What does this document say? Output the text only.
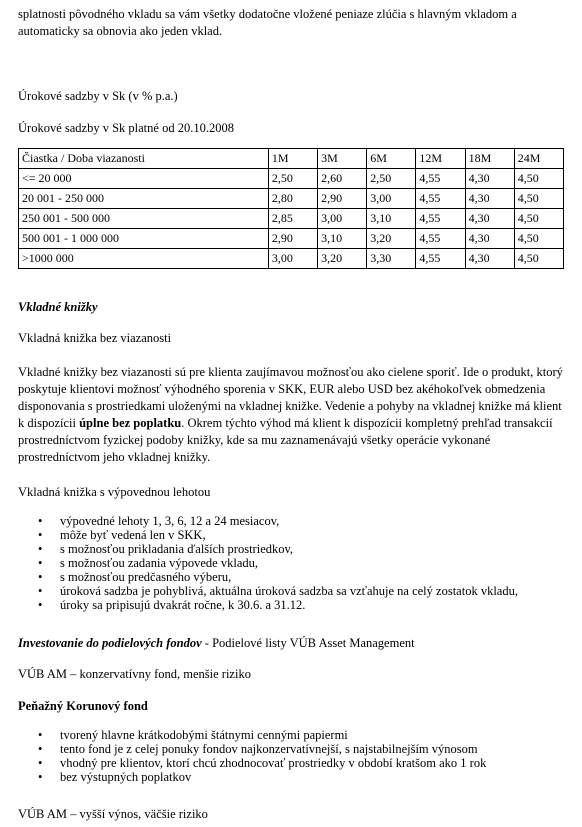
splatnosti pôvodného vkladu sa vám všetky dodatočne vložené peniaze zlúčia s hlavným vkladom a automaticky sa obnovia ako jeden vklad.

Úrokové sadzby v Sk (v % p.a.)

Úrokové sadzby v Sk platné od 20.10.2008

Čiastka / Doba viazanosti	1M	3M	6M	12M	18M	24M
<= 20 000	2,50	2,60	2,50	4,55	4,30	4,50
20 001 - 250 000	2,80	2,90	3,00	4,55	4,30	4,50
250 001 - 500 000	2,85	3,00	3,10	4,55	4,30	4,50
500 001 - 1 000 000	2,90	3,10	3,20	4,55	4,30	4,50
>1000 000	3,00	3,20	3,30	4,55	4,30	4,50

Vkladné knižky

Vkladná knižka bez viazanosti

Vkladné knižky bez viazanosti sú pre klienta zaujímavou možnosťou ako cielene sporiť. Ide o produkt, ktorý poskytuje klientovi možnosť výhodného sporenia v SKK, EUR alebo USD bez akéhokoľvek obmedzenia disponovania s prostriedkami uloženými na vkladnej knižke. Vedenie a pohyby na vkladnej knižke má klient k dispozícii úplne bez poplatku. Okrem týchto výhod má klient k dispozícii kompletný prehľad transakcií prostredníctvom fyzickej podoby knižky, kde sa mu zaznamenávajú všetky operácie vykonané prostredníctvom jeho vkladnej knižky.

Vkladná knižka s výpovednou lehotou

• výpovedné lehoty 1, 3, 6, 12 a 24 mesiacov,
• môže byť vedená len v SKK,
• s možnosťou prikladania ďalších prostriedkov,
• s možnosťou zadania výpovede vkladu,
• s možnosťou predčasného výberu,
• úroková sadzba je pohyblivá, aktuálna úroková sadzba sa vzťahuje na celý zostatok vkladu,
• úroky sa pripisujú dvakrát ročne, k 30.6. a 31.12.

Investovanie do podielových fondov - Podielové listy VÚB Asset Management

VÚB AM – konzervatívny fond, menšie riziko

Peňažný Korunový fond

• tvorený hlavne krátkodobými štátnymi cennými papiermi
• tento fond je z celej ponuky fondov najkonzervatívnejší, s najstabilnejším výnosom
• vhodný pre klientov, ktorí chcú zhodnocovať prostriedky v období kratšom ako 1 rok
• bez výstupných poplatkov

VÚB AM – vyšší výnos, väčšie riziko
